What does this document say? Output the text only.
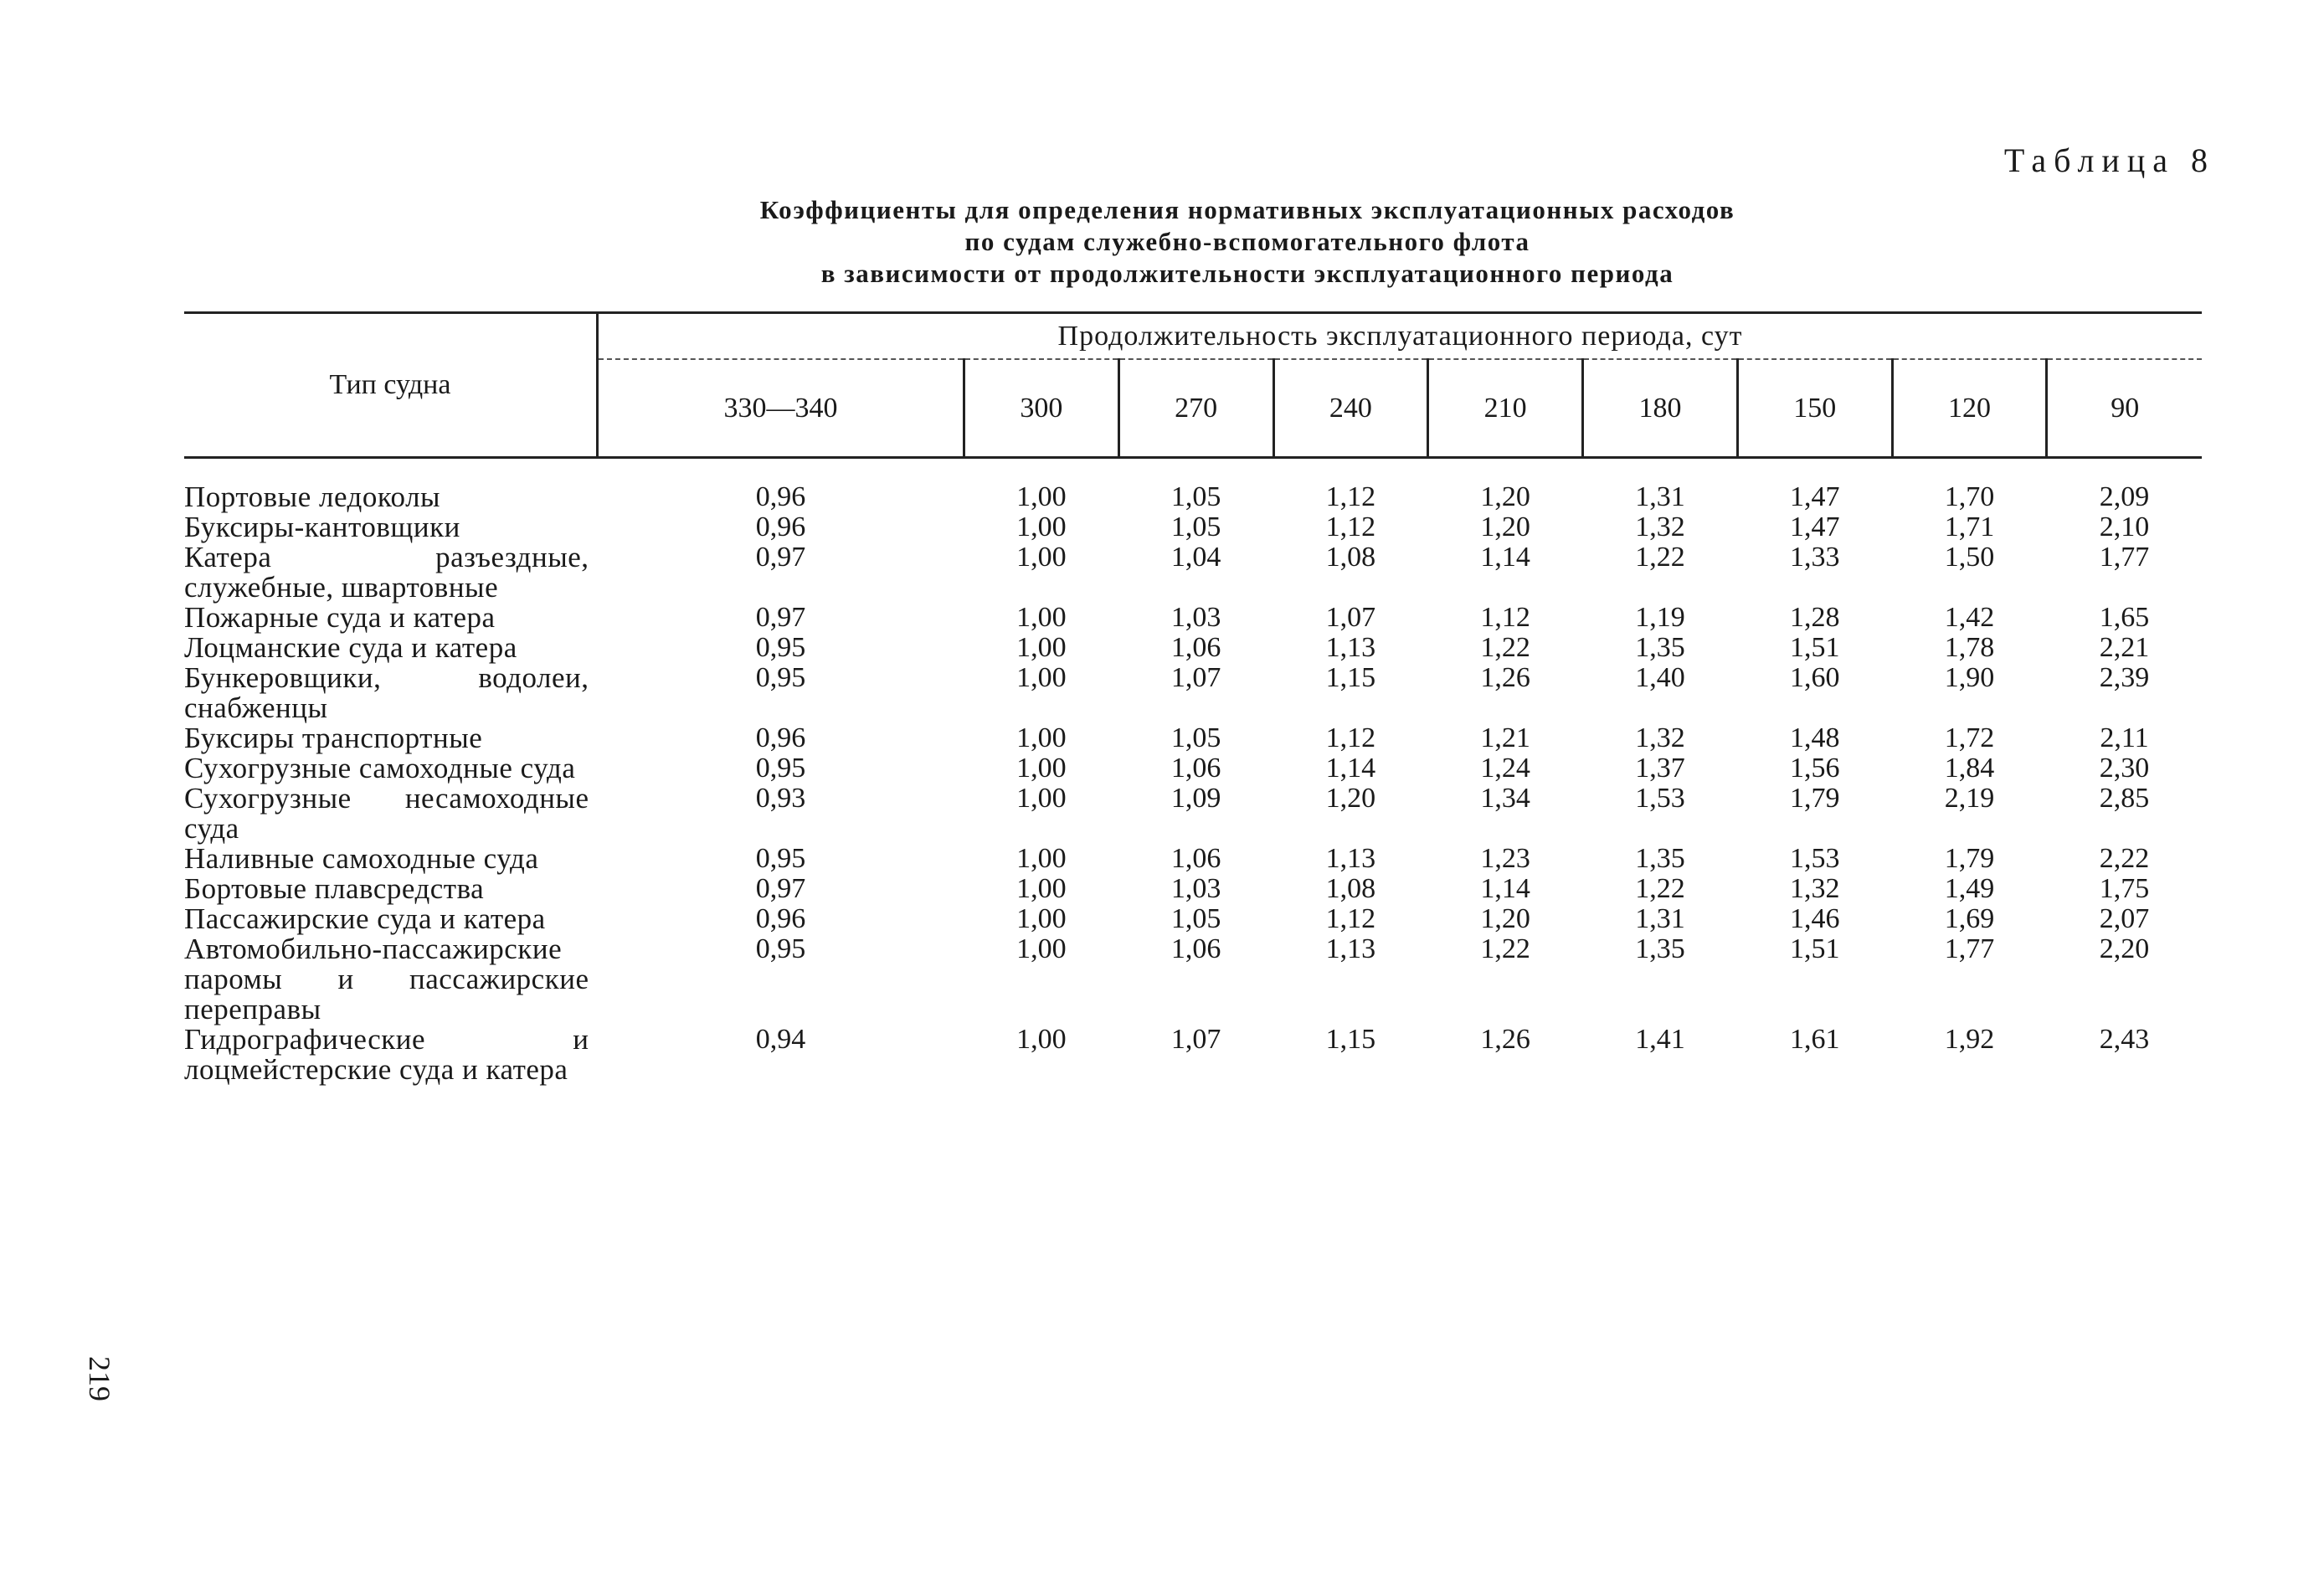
Таблица 8
Коэффициенты для определения нормативных эксплуатационных расходов
по судам служебно-вспомогательного флота
в зависимости от продолжительности эксплуатационного периода
Тип судна	Продолжительность эксплуатационного периода, сут								
	330—340	300	270	240	210	180	150	120	90

Портовые ледоколы	0,96	1,00	1,05	1,12	1,20	1,31	1,47	1,70	2,09
Буксиры-кантовщики	0,96	1,00	1,05	1,12	1,20	1,32	1,47	1,71	2,10
Катера разъездные, служебные, швартовные	0,97	1,00	1,04	1,08	1,14	1,22	1,33	1,50	1,77
Пожарные суда и катера	0,97	1,00	1,03	1,07	1,12	1,19	1,28	1,42	1,65
Лоцманские суда и катера	0,95	1,00	1,06	1,13	1,22	1,35	1,51	1,78	2,21
Бункеровщики, водолеи, снабженцы	0,95	1,00	1,07	1,15	1,26	1,40	1,60	1,90	2,39
Буксиры транспортные	0,96	1,00	1,05	1,12	1,21	1,32	1,48	1,72	2,11
Сухогрузные самоходные суда	0,95	1,00	1,06	1,14	1,24	1,37	1,56	1,84	2,30
Сухогрузные несамоходные суда	0,93	1,00	1,09	1,20	1,34	1,53	1,79	2,19	2,85
Наливные самоходные суда	0,95	1,00	1,06	1,13	1,23	1,35	1,53	1,79	2,22
Бортовые плавсредства	0,97	1,00	1,03	1,08	1,14	1,22	1,32	1,49	1,75
Пассажирские суда и катера	0,96	1,00	1,05	1,12	1,20	1,31	1,46	1,69	2,07
Автомобильно-пассажирские паромы и пассажирские переправы	0,95	1,00	1,06	1,13	1,22	1,35	1,51	1,77	2,20
Гидрографические и лоцмейстерские суда и катера	0,94	1,00	1,07	1,15	1,26	1,41	1,61	1,92	2,43
219
